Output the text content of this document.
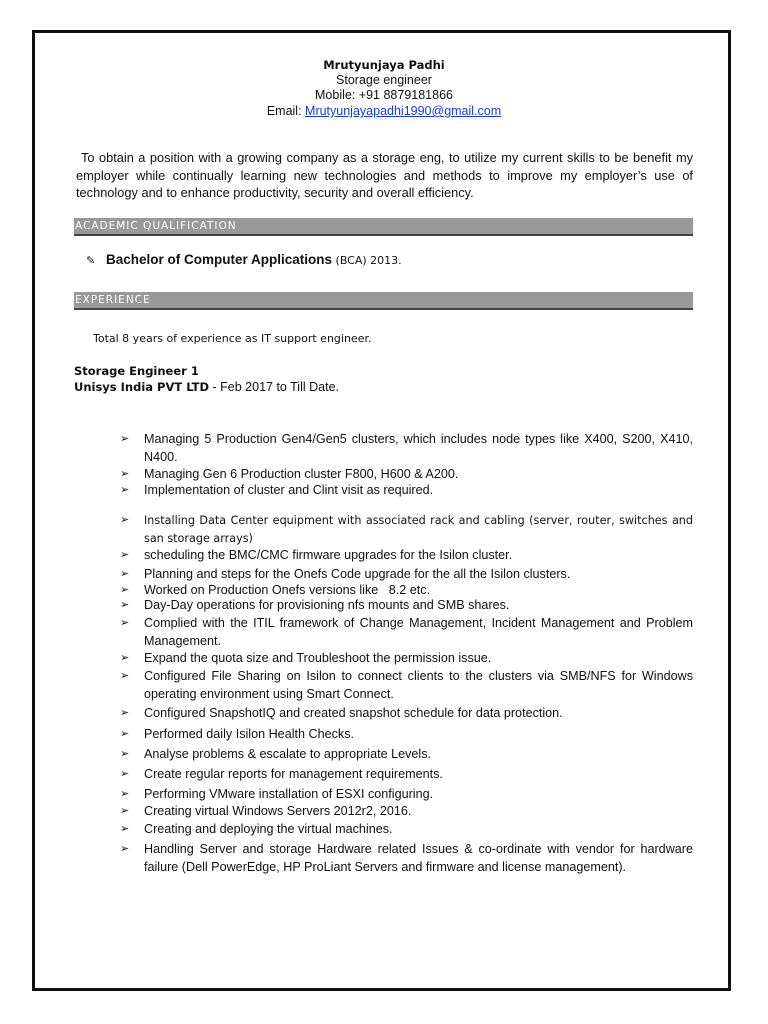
Mrutyunjaya Padhi
Storage engineer
Mobile: +91 8879181866
Email: Mrutyunjayapadhi1990@gmail.com
To obtain a position with a growing company as a storage eng, to utilize my current skills to be benefit my employer while continually learning new technologies and methods to improve my employer’s use of technology and to enhance productivity, security and overall efficiency.
ACADEMIC QUALIFICATION
✎ Bachelor of Computer Applications (BCA) 2013.
EXPERIENCE
Total 8 years of experience as IT support engineer.
Storage Engineer 1
Unisys India PVT LTD - Feb 2017 to Till Date.
➢ Managing 5 Production Gen4/Gen5 clusters, which includes node types like X400, S200, X410, N400.
➢ Managing Gen 6 Production cluster F800, H600 & A200.
➢ Implementation of cluster and Clint visit as required.
➢ Installing Data Center equipment with associated rack and cabling (server, router, switches and san storage arrays)
➢ scheduling the BMC/CMC firmware upgrades for the Isilon cluster.
➢ Planning and steps for the Onefs Code upgrade for the all the Isilon clusters.
➢ Worked on Production Onefs versions like   8.2 etc.
➢ Day-Day operations for provisioning nfs mounts and SMB shares.
➢ Complied with the ITIL framework of Change Management, Incident Management and Problem      Management.
➢ Expand the quota size and Troubleshoot the permission issue.
➢ Configured File Sharing on Isilon to connect clients to the clusters via SMB/NFS for Windows operating environment using Smart Connect.
➢ Configured SnapshotIQ and created snapshot schedule for data protection.
➢ Performed daily Isilon Health Checks.
➢ Analyse problems & escalate to appropriate Levels.
➢ Create regular reports for management requirements.
➢ Performing VMware installation of ESXI configuring.
➢ Creating virtual Windows Servers 2012r2, 2016.
➢ Creating and deploying the virtual machines.
➢ Handling Server and storage Hardware related Issues & co-ordinate with vendor for hardware failure (Dell PowerEdge, HP ProLiant Servers and firmware and license management).
